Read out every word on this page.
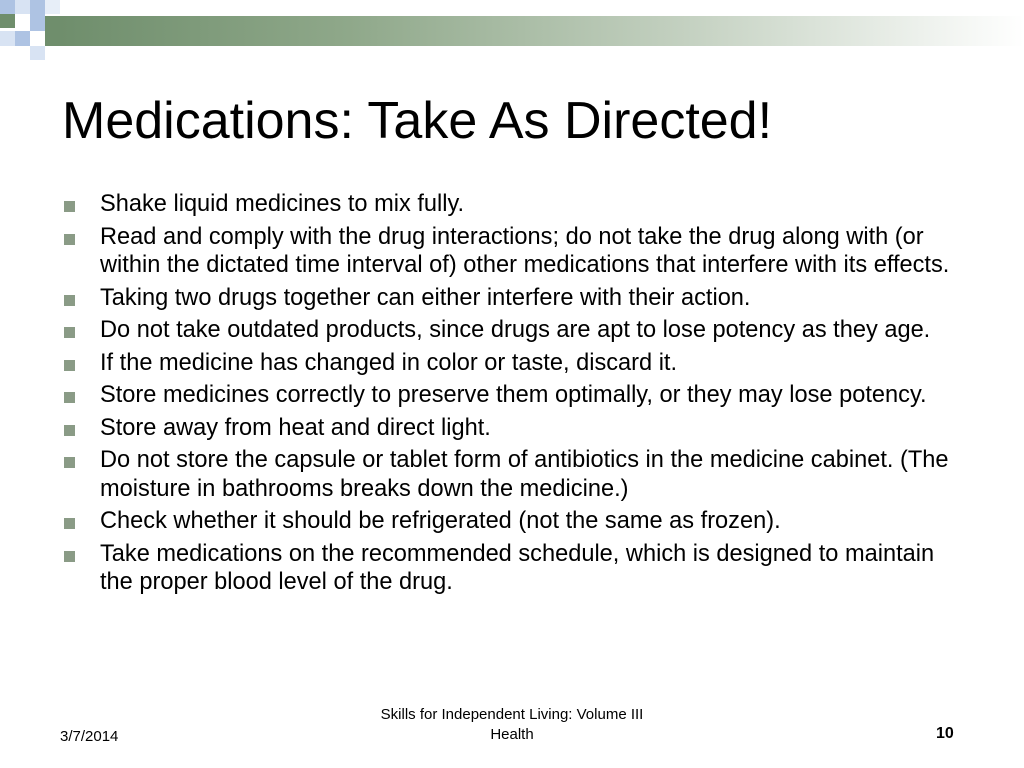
Medications: Take As Directed!
Shake liquid medicines to mix fully.
Read and comply with the drug interactions; do not take the drug along with (or within the dictated time interval of) other medications that interfere with its effects.
Taking two drugs together can either interfere with their action.
Do not take outdated products, since drugs are apt to lose potency as they age.
If the medicine has changed in color or taste, discard it.
Store medicines correctly to preserve them optimally, or they may lose potency.
Store away from heat and direct light.
Do not store the capsule or tablet form of antibiotics in the medicine cabinet. (The moisture in bathrooms breaks down the medicine.)
Check whether it should be refrigerated (not the same as frozen).
Take medications on the recommended schedule, which is designed to maintain the proper blood level of the drug.
3/7/2014
Skills for Independent Living: Volume III
Health	10
